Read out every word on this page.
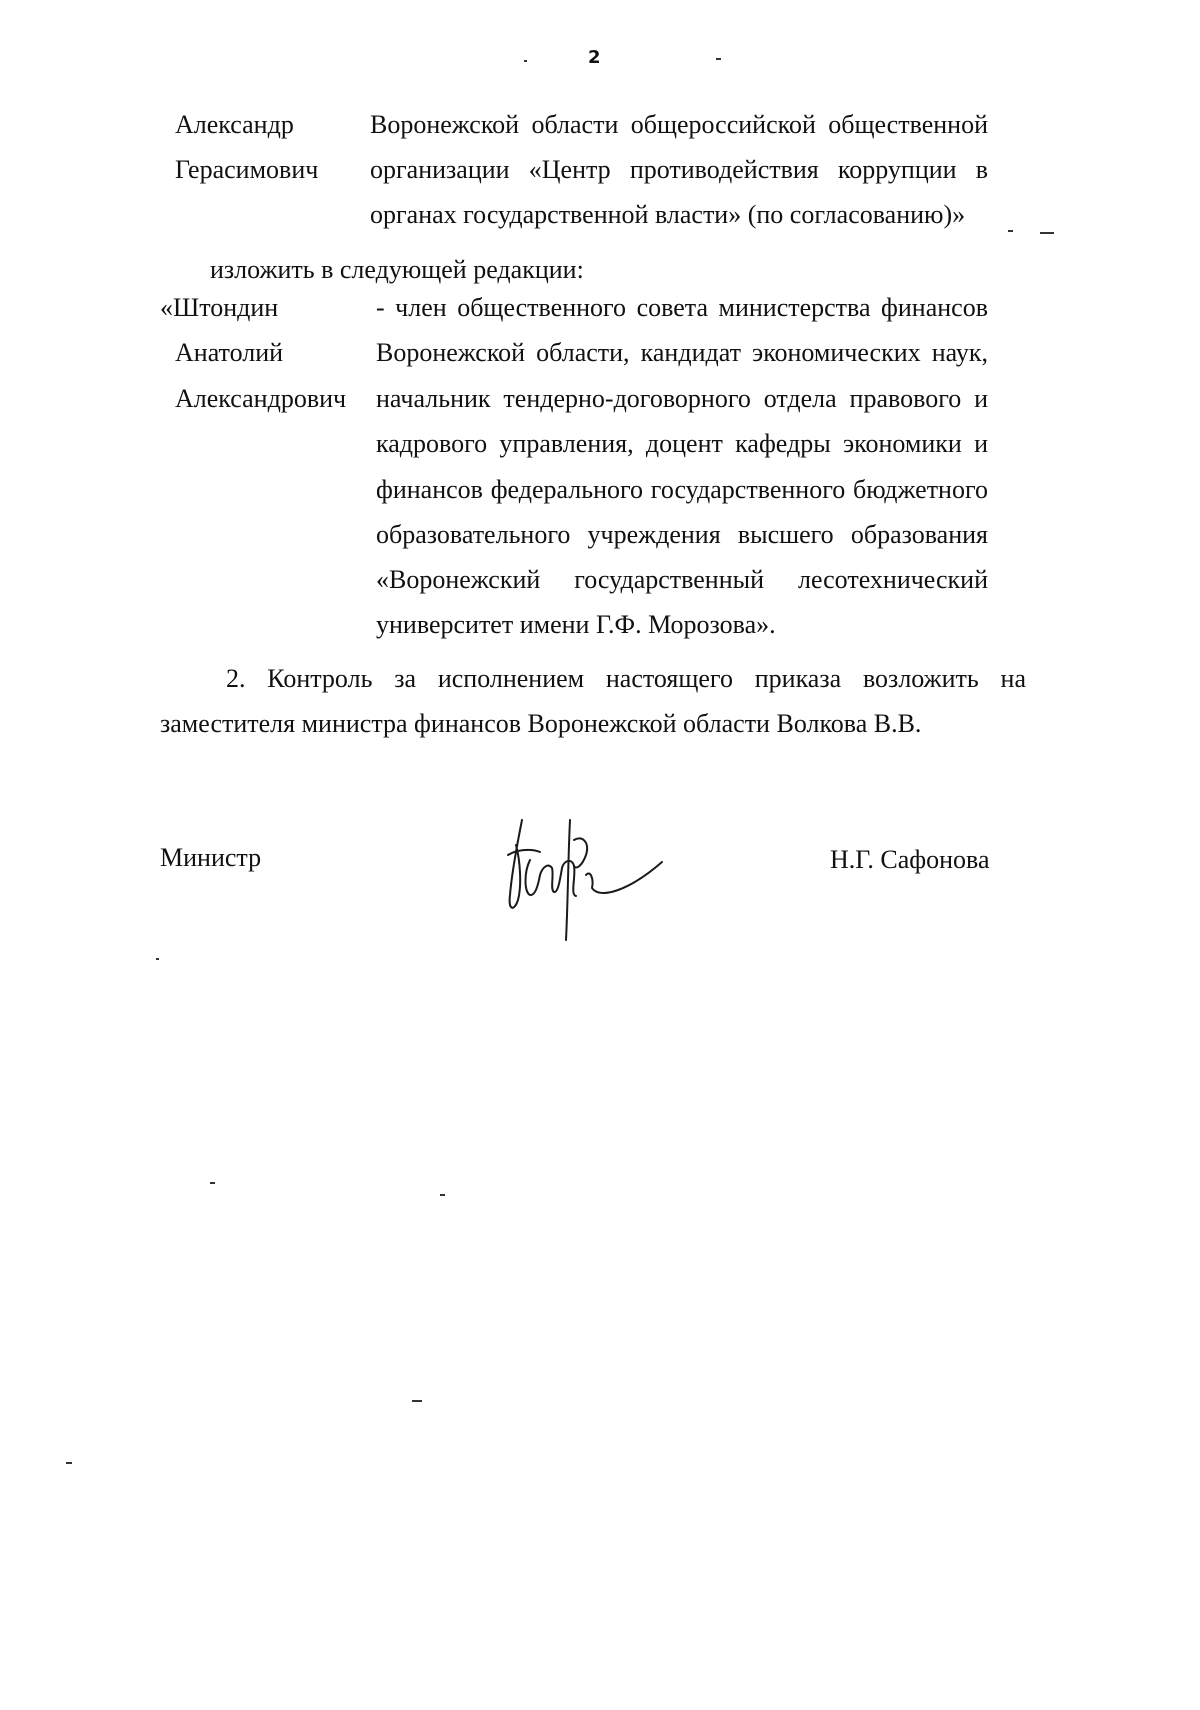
2
Александр
Герасимович
Воронежской области общероссийской общественной
организации «Центр противодействия коррупции в
органах государственной власти» (по согласованию)»
изложить в следующей редакции:
«Штондин
Анатолий
Александрович
- член общественного совета министерства финансов
Воронежской области, кандидат экономических наук,
начальник тендерно-договорного отдела правового и
кадрового управления, доцент кафедры экономики и
финансов федерального государственного бюджетного
образовательного учреждения высшего образования
«Воронежский государственный лесотехнический
университет имени Г.Ф. Морозова».
2. Контроль за исполнением настоящего приказа возложить на
заместителя министра финансов Воронежской области Волкова В.В.
Министр	Н.Г. Сафонова
